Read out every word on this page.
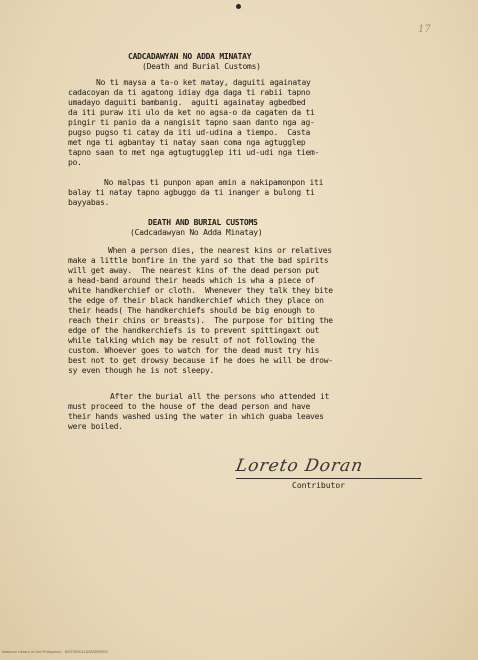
17
CADCADAWYAN NO ADDA MINATAY
(Death and Burial Customs)
No ti maysa a ta-o ket matay, daguiti againatay
cadacoyan da ti agatong idiay dga daga ti rabii tapno
umadayo daguiti bambanig.  aguiti againatay agbedbed
da iti puraw iti ulo da ket no agsa-o da cagaten da ti
pingir ti panio da a nangisit tapno saan danto nga ag-
pugso pugso ti catay da iti ud-udina a tiempo.  Casta
met nga ti agbantay ti natay saan coma nga agtugglep
tapno saan to met nga agtugtugglep iti ud-udi nga tiem-
po.
No malpas ti punpon apan amin a nakipamonpon iti
balay ti natay tapno agbuggo da ti inanger a bulong ti
bayyabas.
DEATH AND BURIAL CUSTOMS
(Cadcadawyan No Adda Minatay)
When a person dies, the nearest kins or relatives
make a little bonfire in the yard so that the bad spirits
will get away.  The nearest kins of the dead person put
a head-band around their heads which is wha a piece of
white handkerchief or cloth.  Whenever they talk they bite
the edge of their black handkerchief which they place on
their heads( The handkerchiefs should be big enough to
reach their chins or breasts).  The purpose for biting the
edge of the handkerchiefs is to prevent spittingaxt out
while talking which may be result of not following the
custom. Whoever goes to watch for the dead must try his
best not to get drowsy because if he does he will be drow-
sy even though he is not sleepy.
After the burial all the persons who attended it
must proceed to the house of the dead person and have
their hands washed using the water in which guaba leaves
were boiled.
Loreto Doran
Contributor
National Library of the Philippines · HISTORICALDATAPAPERS
